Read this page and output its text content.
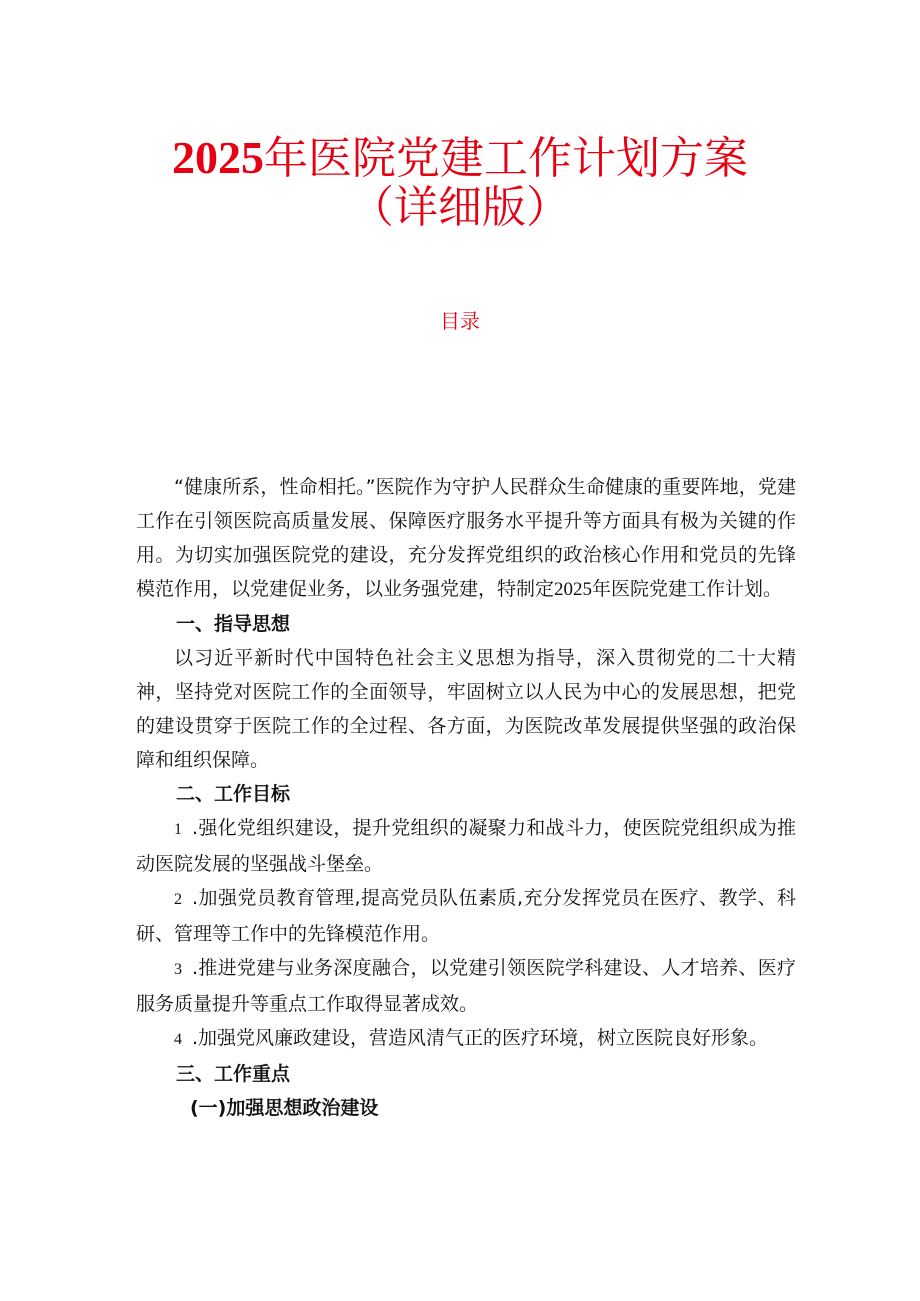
2025年医院党建工作计划方案
（详细版）
目录

“健康所系，性命相托。”医院作为守护人民群众生命健康的重要阵地，党建工作在引领医院高质量发展、保障医疗服务水平提升等方面具有极为关键的作用。为切实加强医院党的建设，充分发挥党组织的政治核心作用和党员的先锋模范作用，以党建促业务，以业务强党建，特制定2025年医院党建工作计划。

一、指导思想

以习近平新时代中国特色社会主义思想为指导，深入贯彻党的二十大精神，坚持党对医院工作的全面领导，牢固树立以人民为中心的发展思想，把党的建设贯穿于医院工作的全过程、各方面，为医院改革发展提供坚强的政治保障和组织保障。

二、工作目标

1 .强化党组织建设，提升党组织的凝聚力和战斗力，使医院党组织成为推动医院发展的坚强战斗堡垒。

2 .加强党员教育管理,提高党员队伍素质,充分发挥党员在医疗、教学、科研、管理等工作中的先锋模范作用。

3 .推进党建与业务深度融合，以党建引领医院学科建设、人才培养、医疗服务质量提升等重点工作取得显著成效。

4 .加强党风廉政建设，营造风清气正的医疗环境，树立医院良好形象。

三、工作重点

(一)加强思想政治建设
